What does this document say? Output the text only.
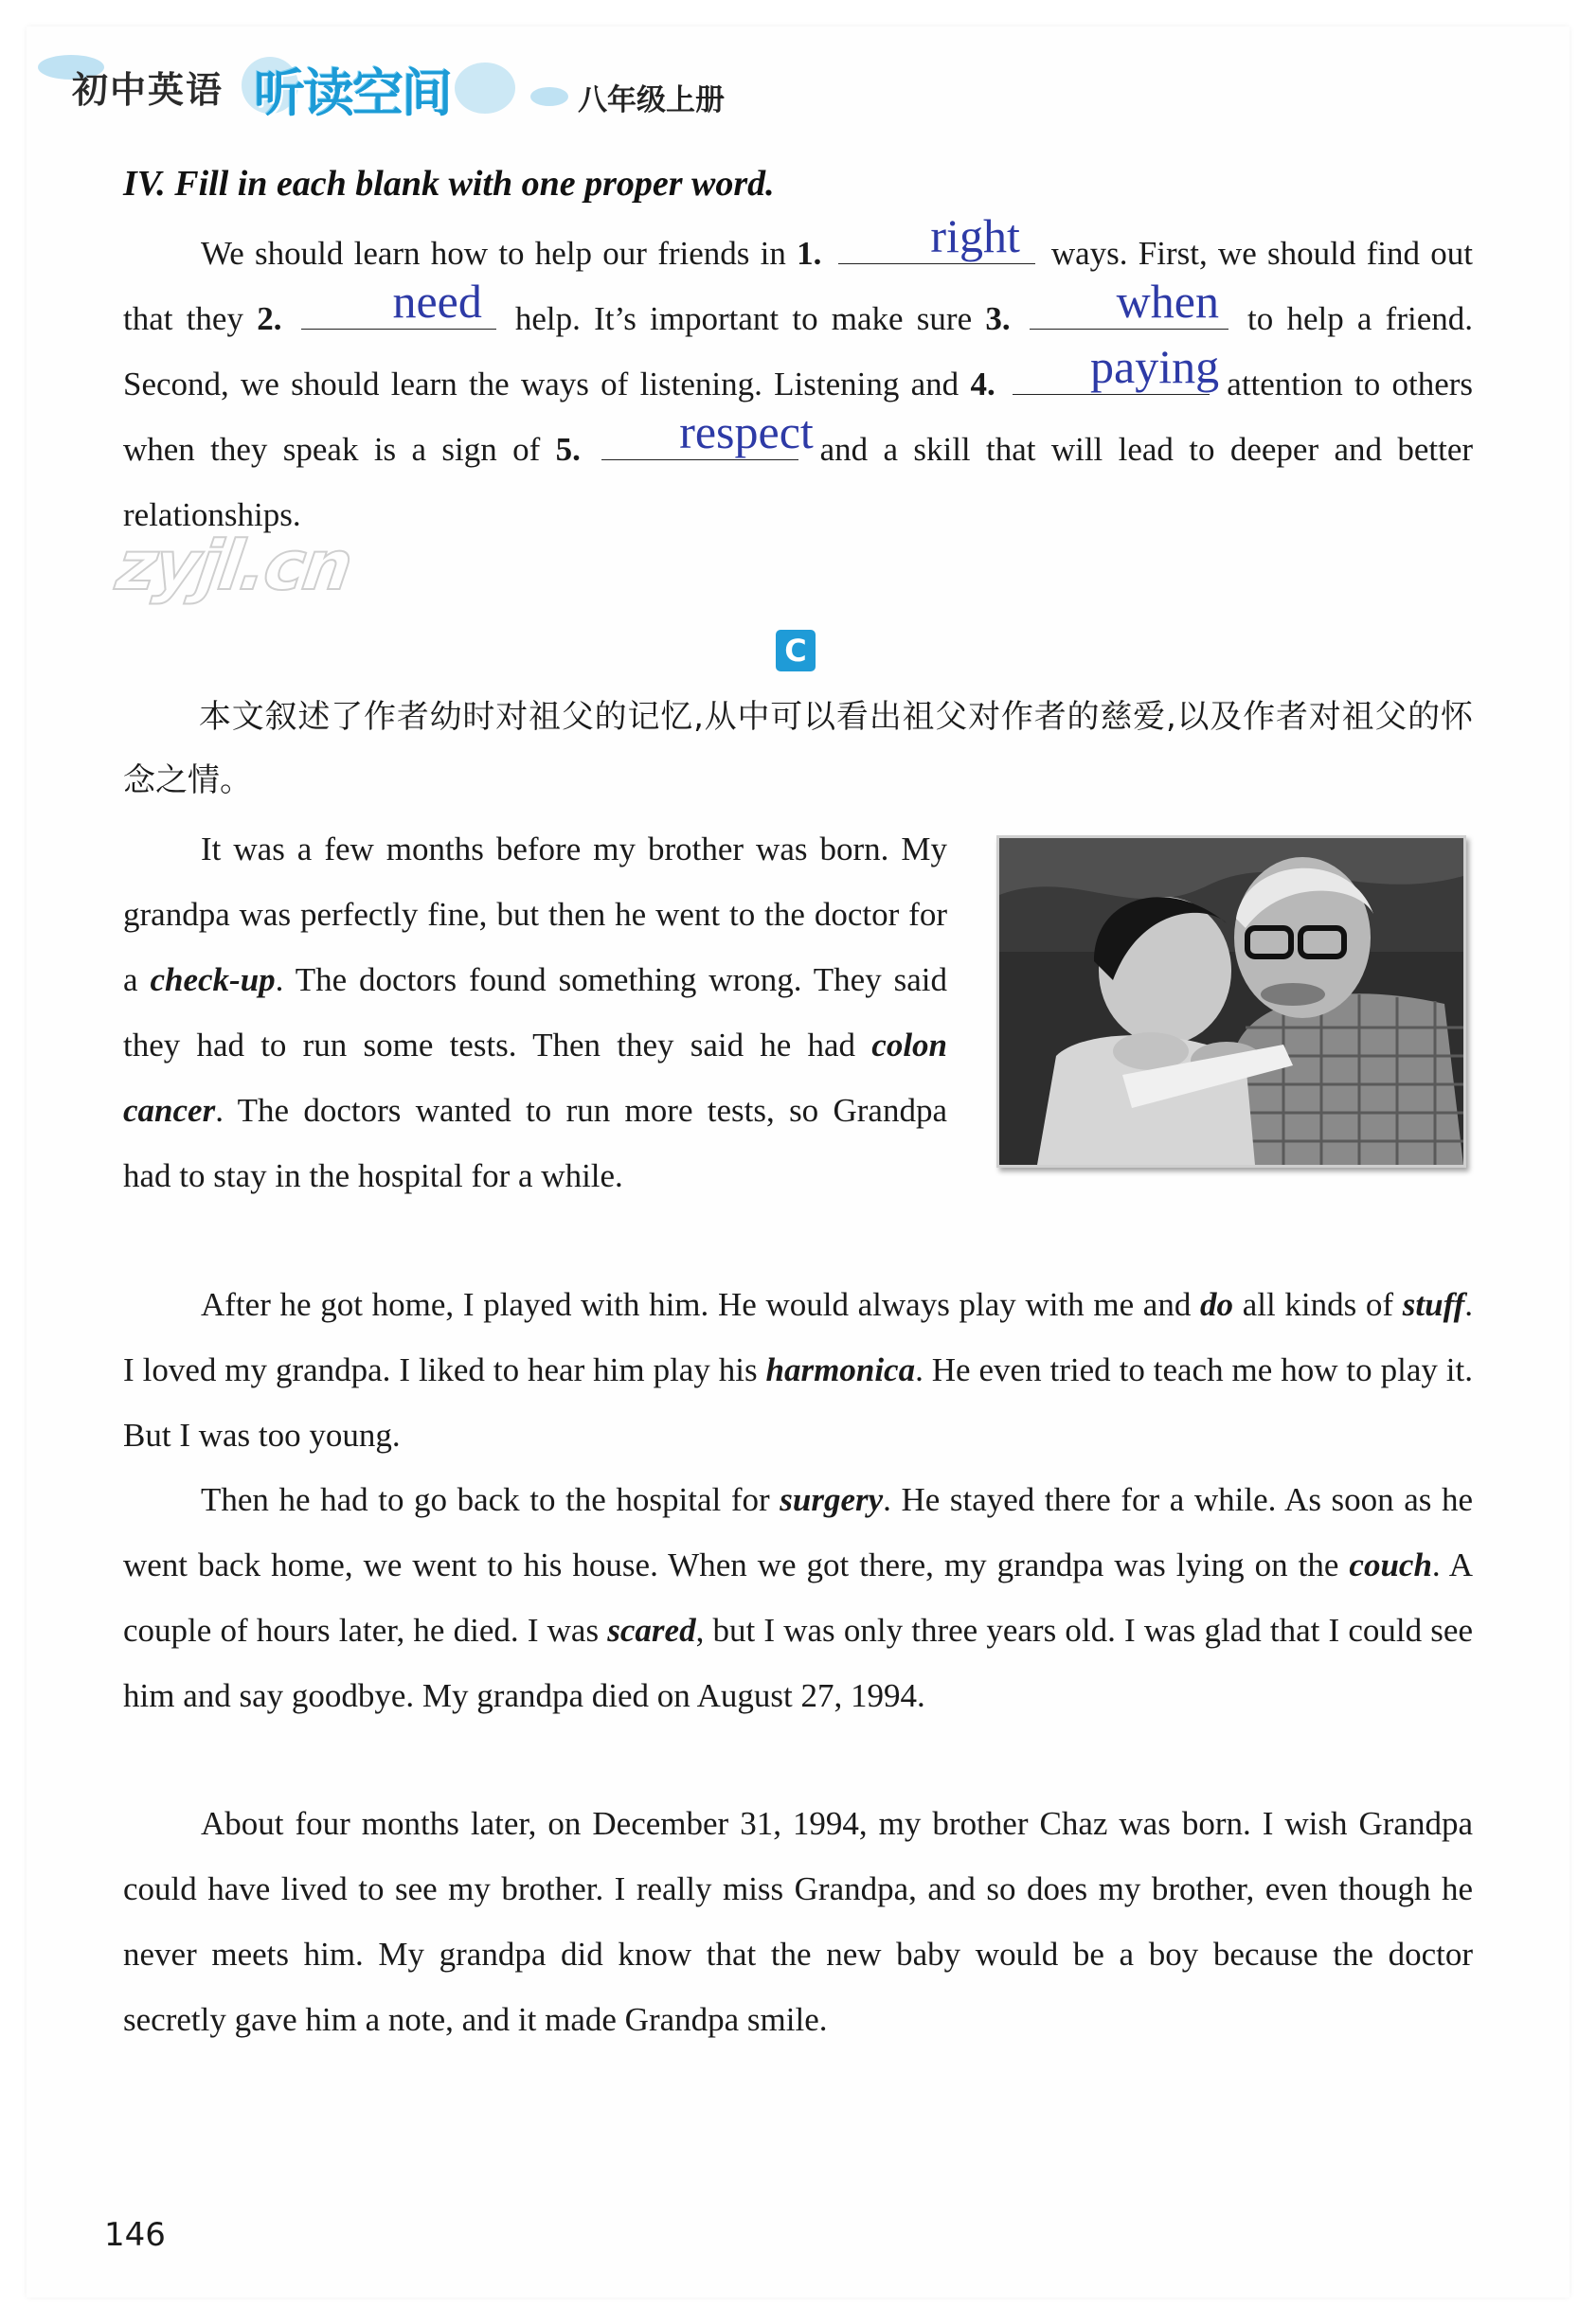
初中英语 听读空间	八年级上册
IV. Fill in each blank with one proper word.

We should learn how to help our friends in 1.	right ways. First, we should find out that they 2.	need	help. It’s important to make sure 3.	when to help a friend. Second, we should learn the ways of listening. Listening and 4.	paying attention to others when they speak is a sign of 5.	respect and a skill that will lead to deeper and better relationships.

zyjl.cn
C

本文叙述了作者幼时对祖父的记忆,从中可以看出祖父对作者的慈爱,以及作者对祖父的怀念之情。

It was a few months before my brother was born. My grandpa was perfectly fine, but then he went to the doctor for a check-up. The doctors found something wrong. They said they had to run some tests. Then they said he had colon cancer. The doctors wanted to run more tests, so Grandpa had to stay in the hospital for a while.

After he got home, I played with him. He would always play with me and do all kinds of stuff. I loved my grandpa. I liked to hear him play his harmonica. He even tried to teach me how to play it. But I was too young.

Then he had to go back to the hospital for surgery. He stayed there for a while. As soon as he went back home, we went to his house. When we got there, my grandpa was lying on the couch. A couple of hours later, he died. I was scared, but I was only three years old. I was glad that I could see him and say goodbye. My grandpa died on August 27, 1994.

About four months later, on December 31, 1994, my brother Chaz was born. I wish Grandpa could have lived to see my brother. I really miss Grandpa, and so does my brother, even though he never meets him. My grandpa did know that the new baby would be a boy because the doctor secretly gave him a note, and it made Grandpa smile.

146
